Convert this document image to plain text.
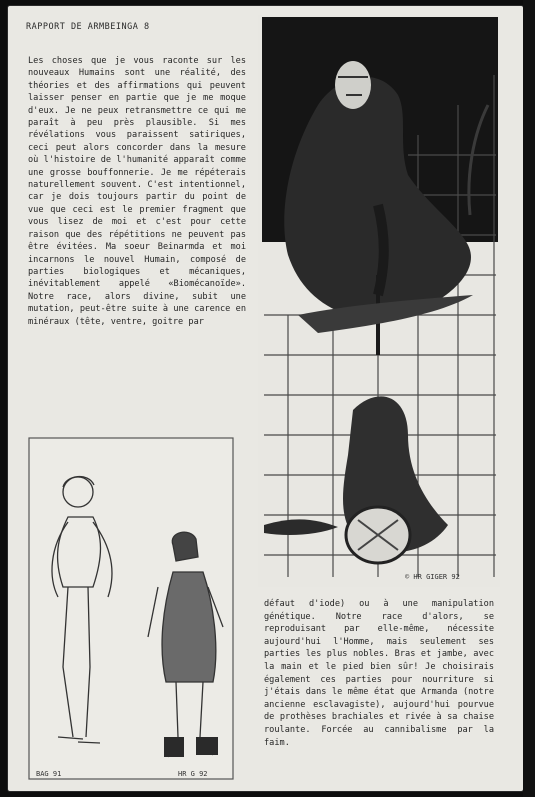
RAPPORT DE ARMBEINGA 8

Les choses que je vous raconte sur les nouveaux Humains sont une réalité, des théories et des affirmations qui peuvent laisser penser en partie que je me moque d'eux. Je ne peux retransmettre ce qui me paraît à peu près plausible. Si mes révélations vous paraissent satiriques, ceci peut alors concorder dans la mesure où l'histoire de l'humanité apparaît comme une grosse bouffonnerie. Je me répéterais naturellement souvent. C'est intentionnel, car je dois toujours partir du point de vue que ceci est le premier fragment que vous lisez de moi et c'est pour cette raison que des répétitions ne peuvent pas être évitées. Ma soeur Beinarmda et moi incarnons le nouvel Humain, composé de parties biologiques et mécaniques, inévitablement appelé «Biomécanoïde». Notre race, alors divine, subit une mutation, peut-être suite à une carence en minéraux (tête, ventre, goitre par

© HR GIGER 92
BAG 91	HR G 92

défaut d'iode) ou à une manipulation génétique. Notre race d'alors, se reproduisant par elle-même, nécessite aujourd'hui l'Homme, mais seulement ses parties les plus nobles. Bras et jambe, avec la main et le pied bien sûr! Je choisirais également ces parties pour nourriture si j'étais dans le même état que Armanda (notre ancienne esclavagiste), aujourd'hui pourvue de prothèses brachiales et rivée à sa chaise roulante. Forcée au cannibalisme par la faim.
